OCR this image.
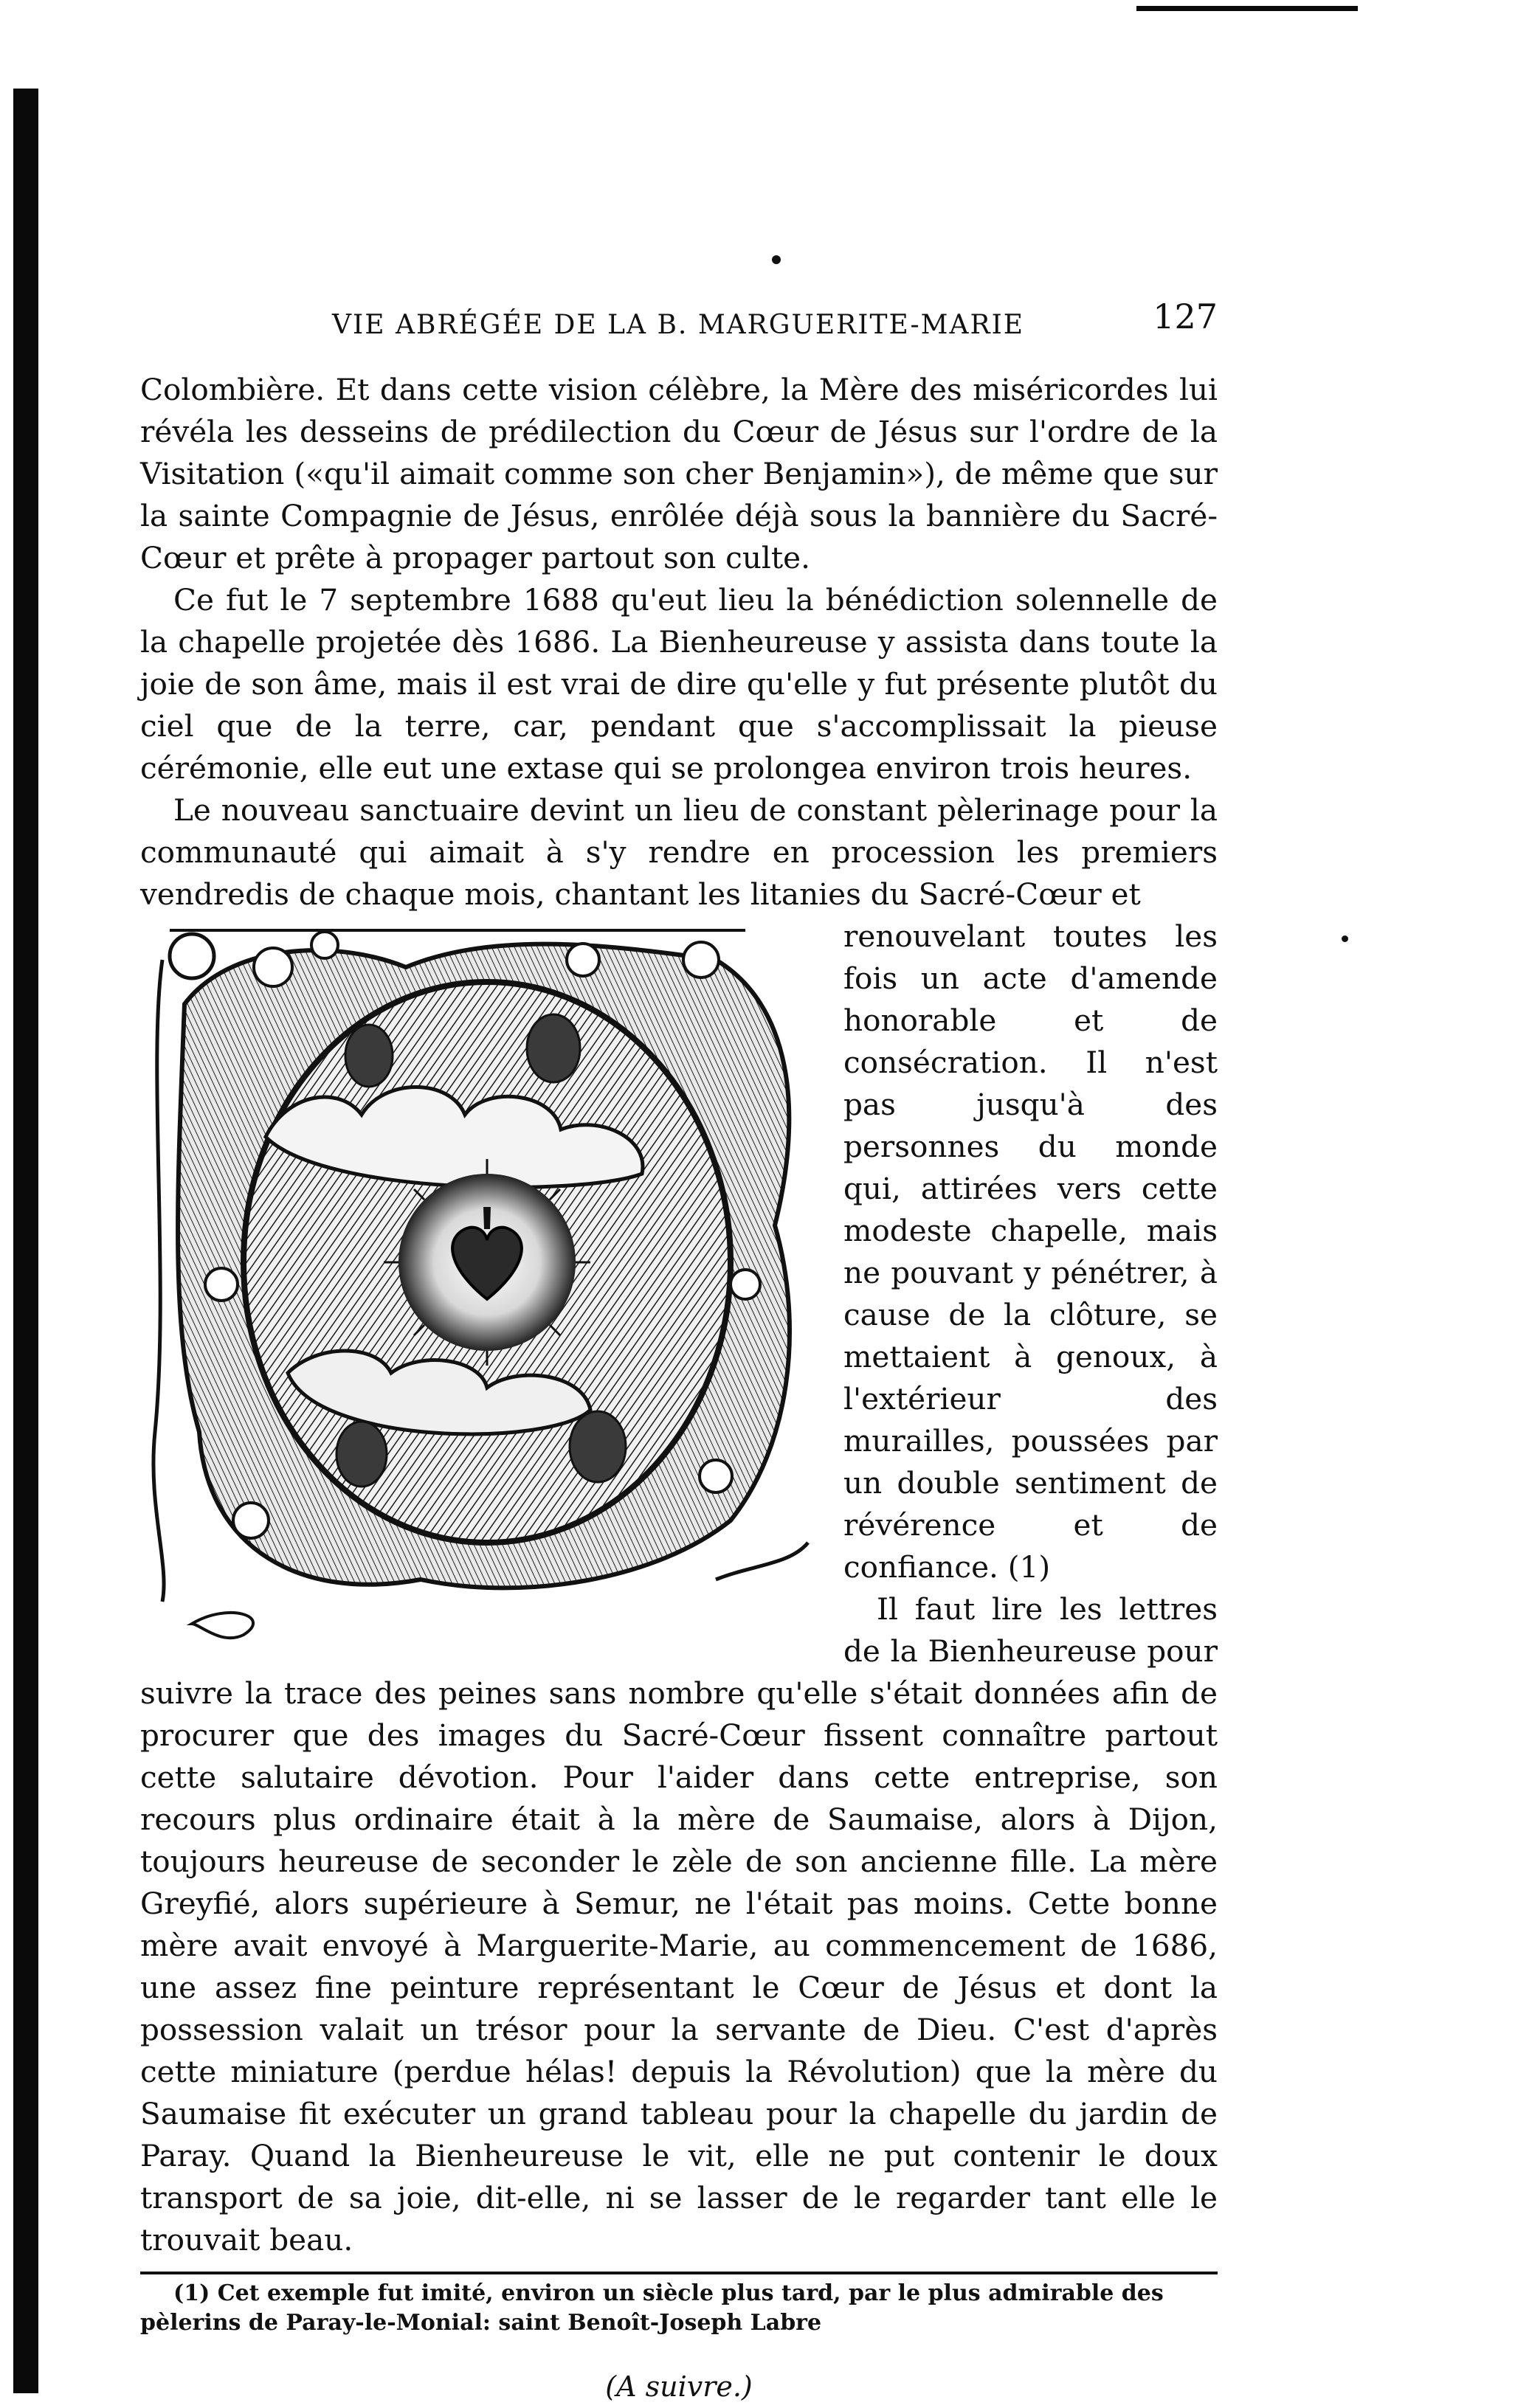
VIE ABRÉGÉE DE LA B. MARGUERITE-MARIE	127

Colombière. Et dans cette vision célèbre, la Mère des miséricordes lui révéla les desseins de prédilection du Cœur de Jésus sur l'ordre de la Visitation («qu'il aimait comme son cher Benjamin»), de même que sur la sainte Compagnie de Jésus, enrôlée déjà sous la bannière du Sacré-Cœur et prête à propager partout son culte.

Ce fut le 7 septembre 1688 qu'eut lieu la bénédiction solennelle de la chapelle projetée dès 1686. La Bienheureuse y assista dans toute la joie de son âme, mais il est vrai de dire qu'elle y fut présente plutôt du ciel que de la terre, car, pendant que s'accomplissait la pieuse cérémonie, elle eut une extase qui se prolongea environ trois heures.

Le nouveau sanctuaire devint un lieu de constant pèlerinage pour la communauté qui aimait à s'y rendre en procession les premiers vendredis de chaque mois, chantant les litanies du Sacré-Cœur et

renouvelant toutes les fois un acte d'amende honorable et de consécration. Il n'est pas jusqu'à des personnes du monde qui, attirées vers cette modeste chapelle, mais ne pouvant y pénétrer, à cause de la clôture, se mettaient à genoux, à l'extérieur des murailles, poussées par un double sentiment de révérence et de confiance. (1)

Il faut lire les lettres de la Bienheureuse pour suivre la trace des peines sans nombre qu'elle s'était données afin de procurer que des images du Sacré-Cœur fissent connaître partout cette salutaire dévotion. Pour l'aider dans cette entreprise, son recours plus ordinaire était à la mère de Saumaise, alors à Dijon, toujours heureuse de seconder le zèle de son ancienne fille. La mère Greyfié, alors supérieure à Semur, ne l'était pas moins. Cette bonne mère avait envoyé à Marguerite-Marie, au commencement de 1686, une assez fine peinture représentant le Cœur de Jésus et dont la possession valait un trésor pour la servante de Dieu. C'est d'après cette miniature (perdue hélas! depuis la Révolution) que la mère du Saumaise fit exécuter un grand tableau pour la chapelle du jardin de Paray. Quand la Bienheureuse le vit, elle ne put contenir le doux transport de sa joie, dit-elle, ni se lasser de le regarder tant elle le trouvait beau.

(1) Cet exemple fut imité, environ un siècle plus tard, par le plus admirable des pèlerins de Paray-le-Monial: saint Benoît-Joseph Labre

(A suivre.)
